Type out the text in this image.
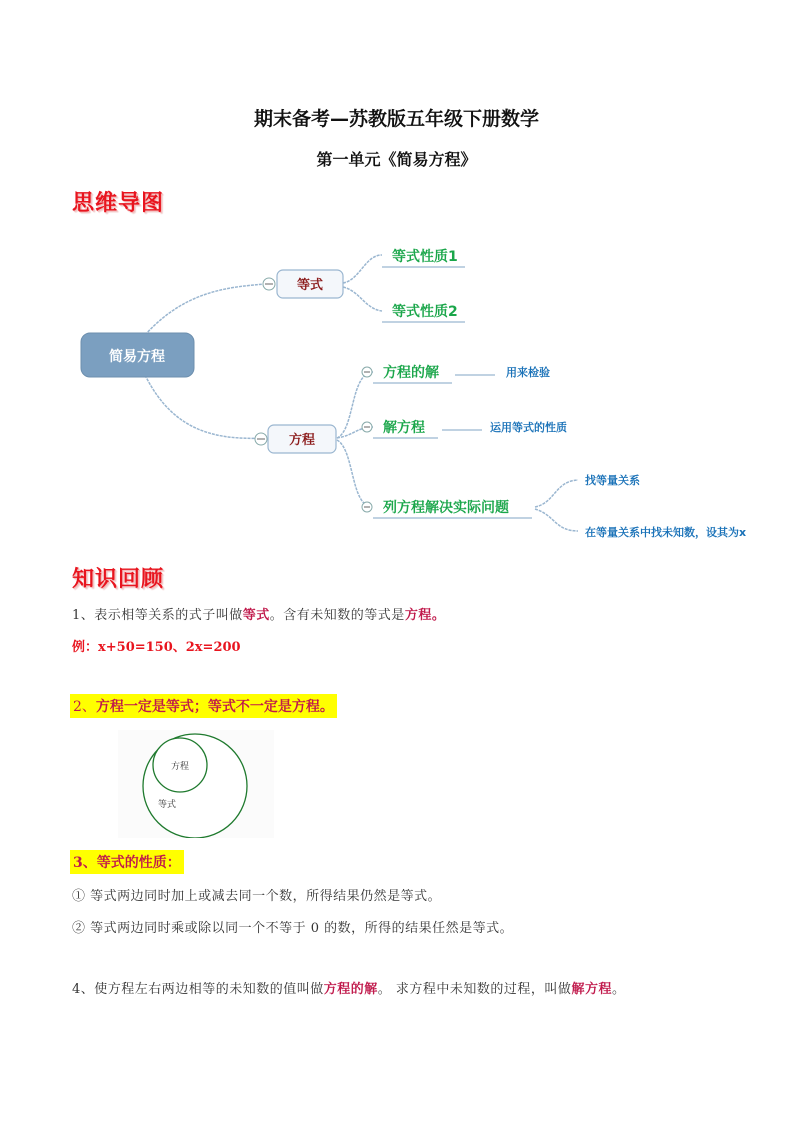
期末备考—苏教版五年级下册数学
第一单元《简易方程》
思维导图
简易方程
等式
方程
等式性质1
等式性质2
方程的解	用来检验
解方程	运用等式的性质
列方程解决实际问题
找等量关系
在等量关系中找未知数，设其为x
知识回顾
1、表示相等关系的式子叫做等式。含有未知数的等式是方程。
例：x+50=150、2x=200
2、方程一定是等式；等式不一定是方程。
方程
等式
3、等式的性质：
① 等式两边同时加上或减去同一个数，所得结果仍然是等式。
② 等式两边同时乘或除以同一个不等于 0 的数，所得的结果任然是等式。
4、使方程左右两边相等的未知数的值叫做方程的解。 求方程中未知数的过程，叫做解方程。
